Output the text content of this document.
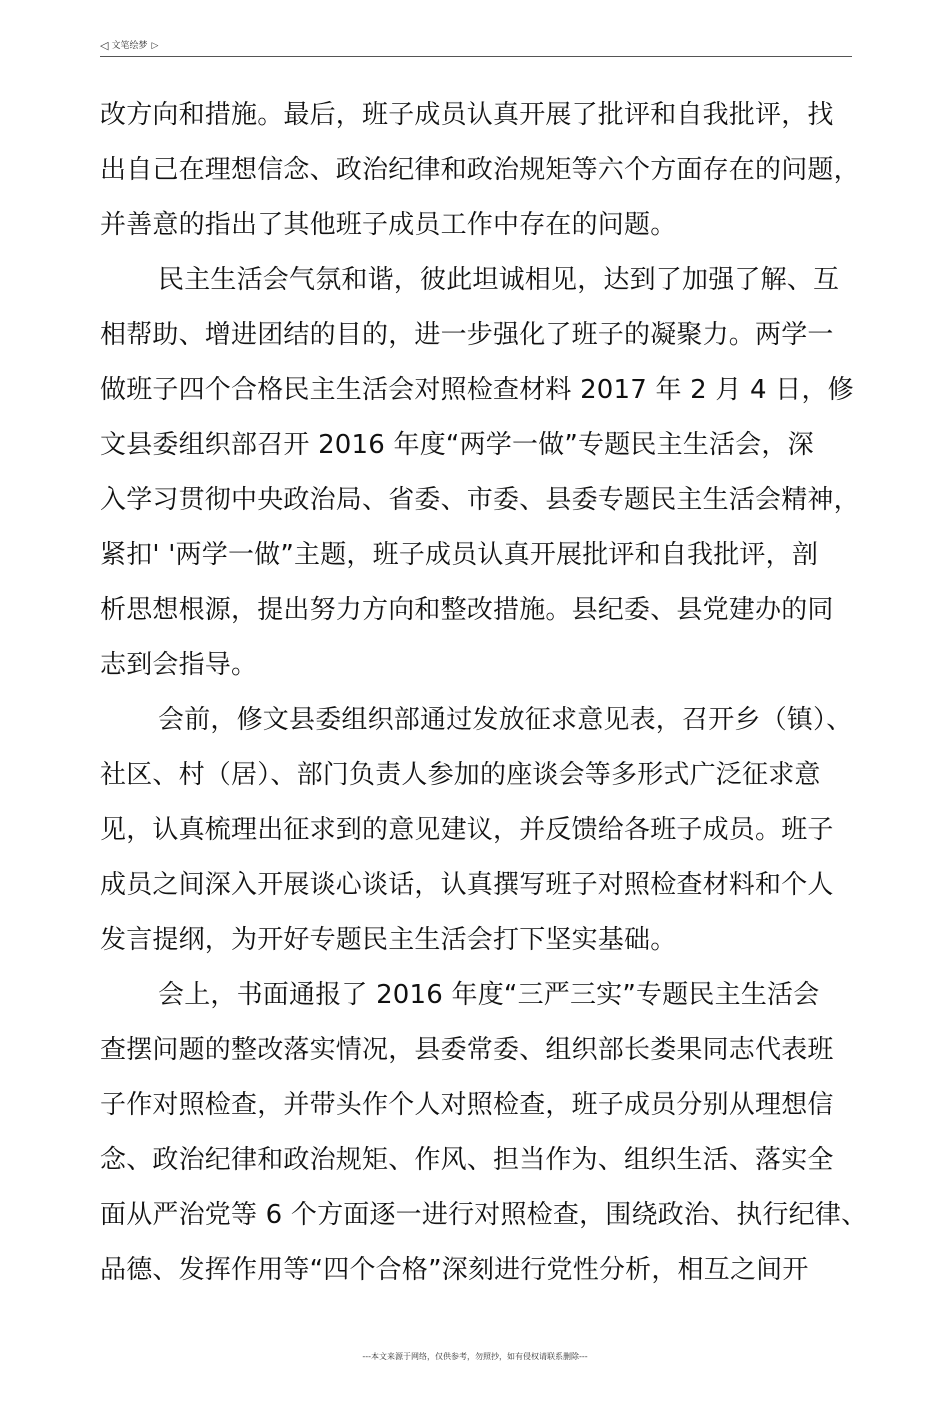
◁ 文笔绘梦 ▷
改方向和措施。最后，班子成员认真开展了批评和自我批评，找
出自己在理想信念、政治纪律和政治规矩等六个方面存在的问题，
并善意的指出了其他班子成员工作中存在的问题。
民主生活会气氛和谐，彼此坦诚相见，达到了加强了解、互
相帮助、增进团结的目的，进一步强化了班子的凝聚力。两学一
做班子四个合格民主生活会对照检查材料 2017 年 2 月 4 日，修
文县委组织部召开 2016 年度“两学一做”专题民主生活会，深
入学习贯彻中央政治局、省委、市委、县委专题民主生活会精神，
紧扣' '两学一做”主题，班子成员认真开展批评和自我批评，剖
析思想根源，提出努力方向和整改措施。县纪委、县党建办的同
志到会指导。
会前，修文县委组织部通过发放征求意见表，召开乡（镇）、
社区、村（居）、部门负责人参加的座谈会等多形式广泛征求意
见，认真梳理出征求到的意见建议，并反馈给各班子成员。班子
成员之间深入开展谈心谈话，认真撰写班子对照检查材料和个人
发言提纲，为开好专题民主生活会打下坚实基础。
会上，书面通报了 2016 年度“三严三实”专题民主生活会
查摆问题的整改落实情况，县委常委、组织部长娄果同志代表班
子作对照检查，并带头作个人对照检查，班子成员分别从理想信
念、政治纪律和政治规矩、作风、担当作为、组织生活、落实全
面从严治党等 6 个方面逐一进行对照检查，围绕政治、执行纪律、
品德、发挥作用等“四个合格”深刻进行党性分析，相互之间开
---本文来源于网络，仅供参考，勿照抄，如有侵权请联系删除---
